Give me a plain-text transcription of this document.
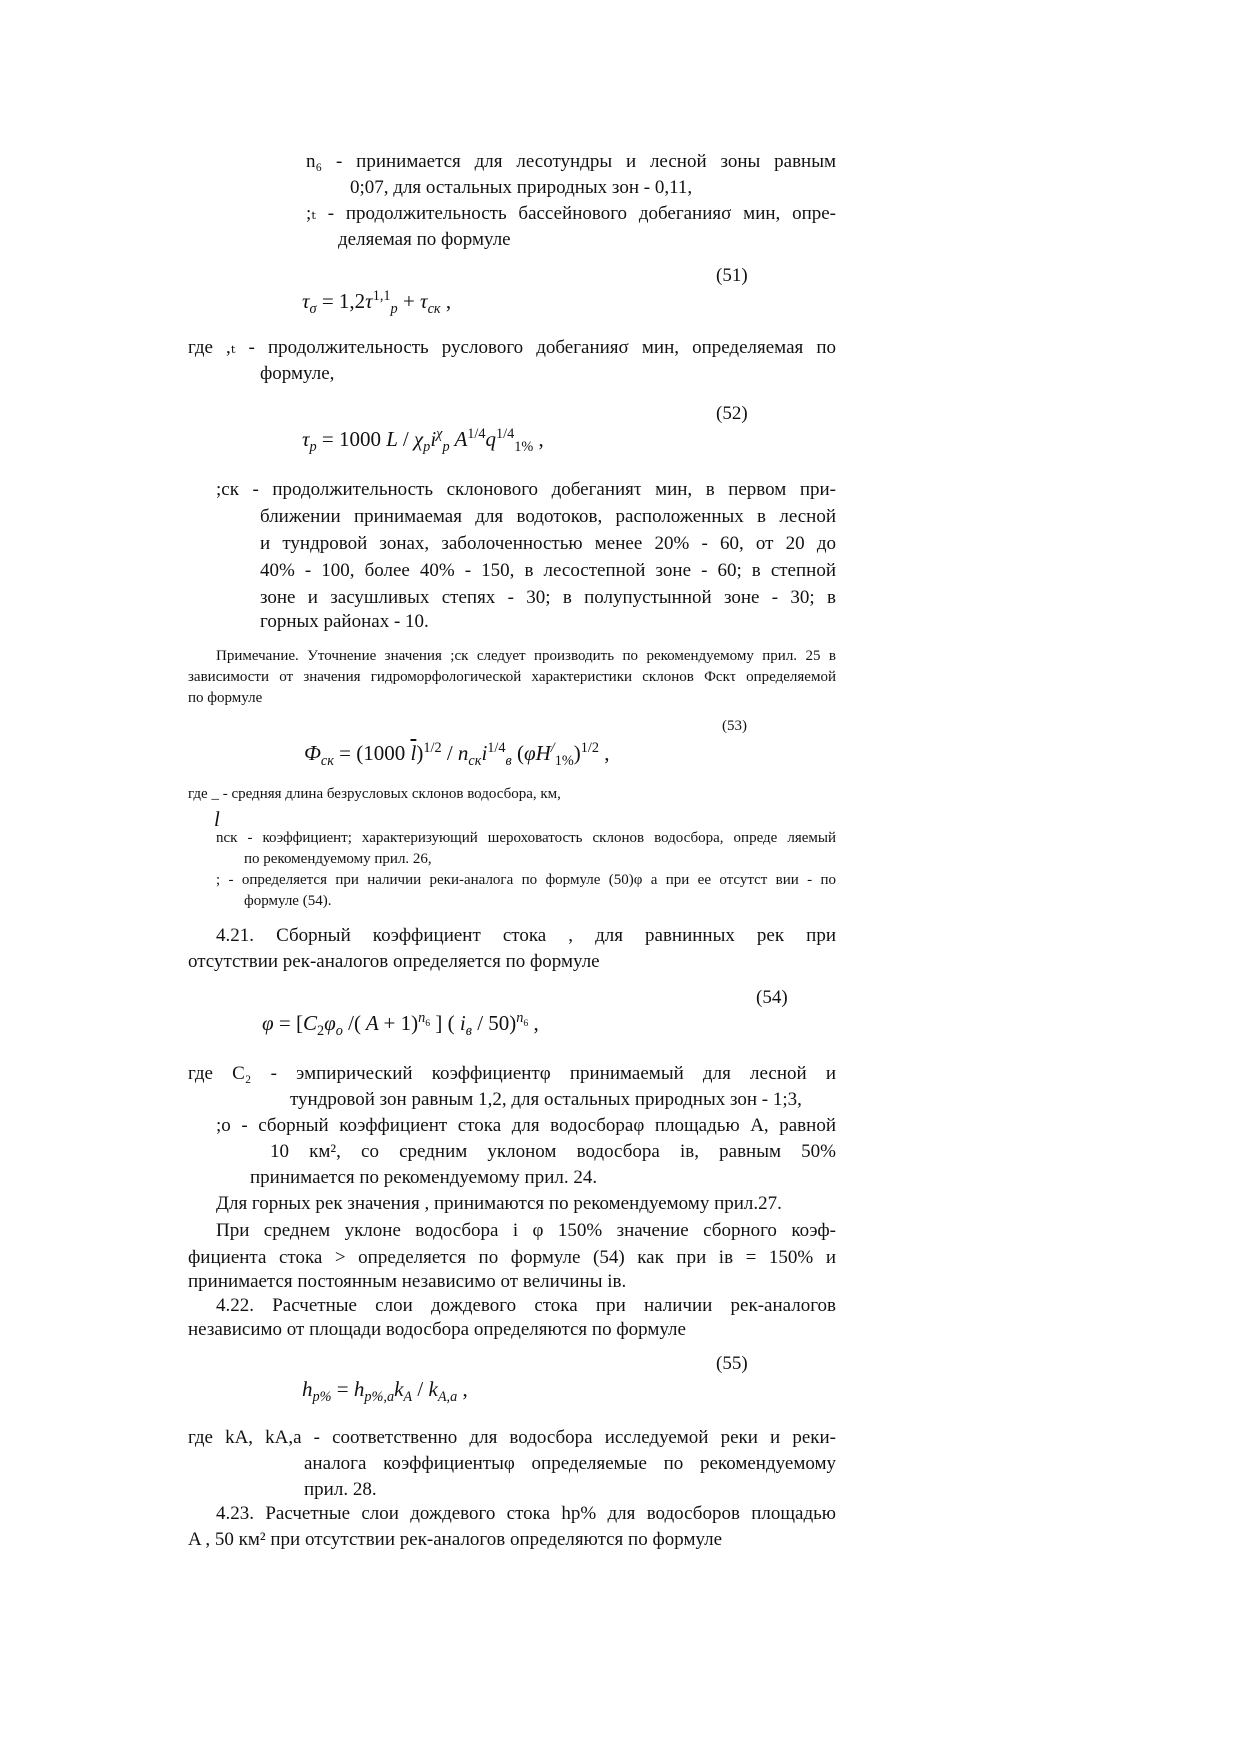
n₆ - принимается для лесотундры и лесной зоны равным
0;07, для остальных природных зон - 0,11,
;ₜ - продолжительность бассейнового добеганияσ мин, опре-
деляемая по формуле
(51)
$\tau_\sigma = 1,2\tau^{1,1}_p + \tau_{ск}$ ,
где ,ₜ - продолжительность руслового добеганияσ мин, определяемая по
формуле,
(52)
$\tau_p = 1000$ L / $\chi_pi^\chi_p$ $A^{1/4}q^{1/4}_{1\%}$ ,
;ск - продолжительность склонового добеганияτ мин, в первом при-
ближении принимаемая для водотоков, расположенных в лесной
и тундровой зонах, заболоченностью менее 20% - 60, от 20 до
40% - 100, более 40% - 150, в лесостепной зоне - 60; в степной
зоне и засушливых степях - 30; в полупустынной зоне - 30; в
горных районах - 10.
Примечание. Уточнение значения ;ск следует производить по рекомендуемому прил. 25 в
зависимости от значения гидроморфологической характеристики склонов Фскτ определяемой
по формуле
(53)
$Ф_{ск} = (1000$ $\overline{l})^{1/2} / n_{ск}i^{1/4}_в$ $(\varphi H^/_{1\%})^{1/2}$ ,
где _ - средняя длина безрусловых склонов водосбора, км,
l
nск - коэффициент; характеризующий шероховатость склонов водосбора, опреде ляемый
по рекомендуемому прил. 26,
; - определяется при наличии реки-аналога по формуле (50)φ а при ее отсутст вии - по
формуле (54).
4.21. Сборный коэффициент стока , для равнинных рек при
отсутствии рек-аналогов определяется по формуле
(54)
$\varphi = [C_2\varphi_o$ /( A + 1)$^{n_6}$ ] ( $i_в / 50)^{n_6}$ ,
где C₂ - эмпирический коэффициентφ принимаемый для лесной и
тундровой зон равным 1,2, для остальных природных зон - 1;3,
;о - сборный коэффициент стока для водосбораφ площадью A, равной
10 км², со средним уклоном водосбора iв, равным 50%
принимается по рекомендуемому прил. 24.
Для горных рек значения , принимаются по рекомендуемому прил.27.
При среднем уклоне водосбора i φ 150% значение сборного коэф-
фициента стока > определяется по формуле (54) как при iв = 150% и
принимается постоянным независимо от величины iв.
4.22. Расчетные слои дождевого стока при наличии рек-аналогов
независимо от площади водосбора определяются по формуле
(55)
$h_{p\%} = h_{p\%,a}k_A / k_{A,a}$ ,
где kA, kA,a - соответственно для водосбора исследуемой реки и реки-
аналога коэффициентыφ определяемые по рекомендуемому
прил. 28.
4.23. Расчетные слои дождевого стока hp% для водосборов площадью
A , 50 км² при отсутствии рек-аналогов определяются по формуле
